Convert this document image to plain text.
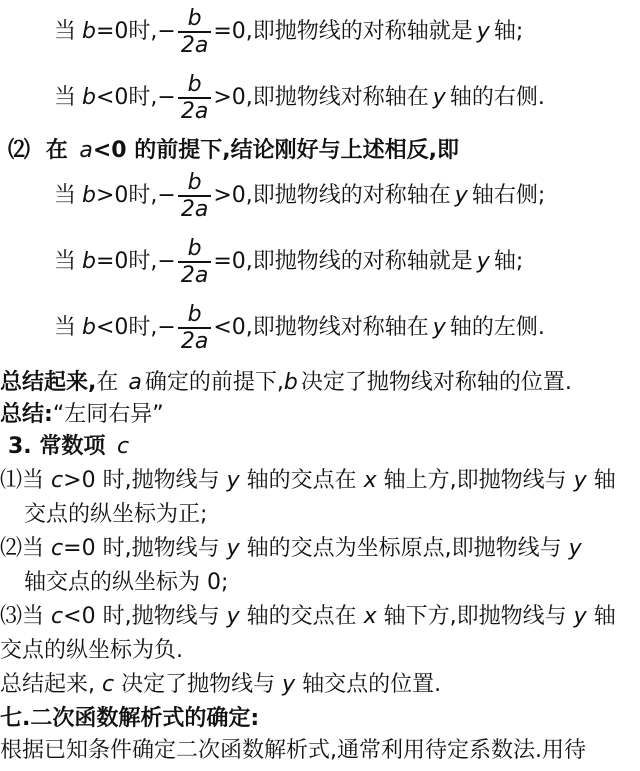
当 b =0 时, − $\frac{b}{2a} =0$ ,即抛物线的对称轴就是 y 轴;
当 b <0 时, − $\frac{b}{2a} >0$ ,即抛物线对称轴在 y 轴的右侧.
⑵ 在 a<0 的前提下,结论刚好与上述相反,即
当 b >0 时, − $\frac{b}{2a} >0$ ,即抛物线的对称轴在 y 轴右侧;
当 b =0 时, − $\frac{b}{2a} =0$ ,即抛物线的对称轴就是 y 轴;
当 b <0 时, − $\frac{b}{2a} <0$ ,即抛物线对称轴在 y 轴的左侧.
总结起来,在 a 确定的前提下,b 决定了抛物线对称轴的位置.
总结:“左同右异”
3. 常数项 c
⑴当 c>0 时,抛物线与 y 轴的交点在 x 轴上方,即抛物线与 y 轴
交点的纵坐标为正;
⑵当 c=0 时,抛物线与 y 轴的交点为坐标原点,即抛物线与 y
轴交点的纵坐标为 0;
⑶当 c<0 时,抛物线与 y 轴的交点在 x 轴下方,即抛物线与 y 轴
交点的纵坐标为负.
总结起来, c 决定了抛物线与 y 轴交点的位置.
七.二次函数解析式的确定:
根据已知条件确定二次函数解析式,通常利用待定系数法.用待
